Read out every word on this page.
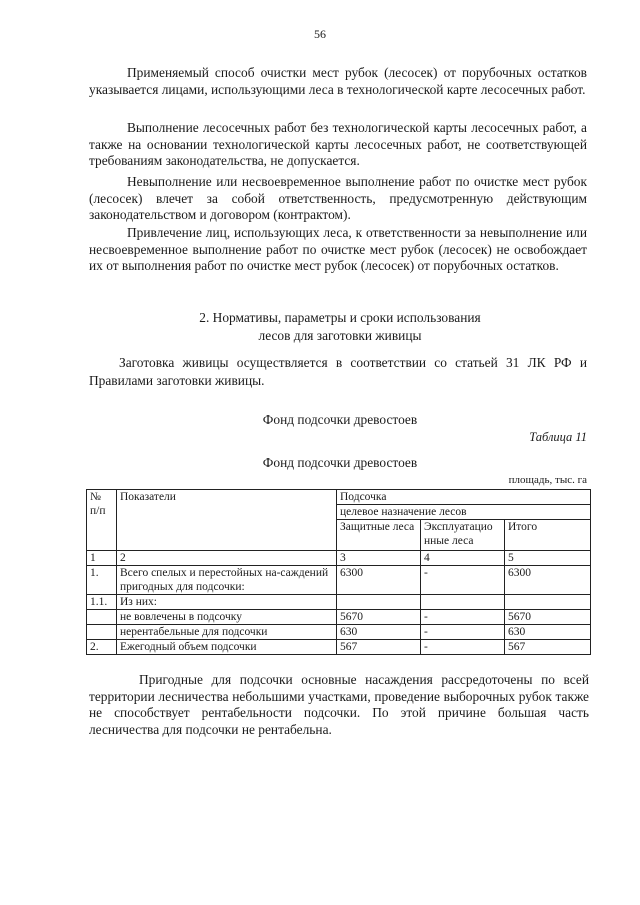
56

Применяемый способ очистки мест рубок (лесосек) от порубочных остатков указывается лицами, использующими леса в технологической карте лесосечных работ.

Выполнение лесосечных работ без технологической карты лесосечных работ, а также на основании технологической карты лесосечных работ, не соответствующей требованиям законодательства, не допускается.

Невыполнение или несвоевременное выполнение работ по очистке мест рубок (лесосек) влечет за собой ответственность, предусмотренную действующим законодательством и договором (контрактом).

Привлечение лиц, использующих леса, к ответственности за невыполнение или несвоевременное выполнение работ по очистке мест рубок (лесосек) не освобождает их от выполнения работ по очистке мест рубок (лесосек) от порубочных остатков.

2. Нормативы, параметры и сроки использования
лесов для заготовки живицы

Заготовка живицы осуществляется в соответствии со статьей 31 ЛК РФ и Правилами заготовки живицы.

Фонд подсочки древостоев
Таблица 11
Фонд подсочки древостоев
площадь, тыс. га
№ п/п	Показатели	Подсочка		
		целевое назначение лесов		
		Защитные леса	Эксплуатацио нные леса	Итого
1	2	3	4	5
1.	Всего спелых и перестойных на-саждений пригодных для подсочки:	6300	-	6300
1.1.	Из них:			
	не вовлечены в подсочку	5670	-	5670
	нерентабельные для подсочки	630	-	630
2.	Ежегодный объем подсочки	567	-	567

Пригодные для подсочки основные насаждения рассредоточены по всей территории лесничества небольшими участками, проведение выборочных рубок также не способствует рентабельности подсочки. По этой причине большая часть лесничества для подсочки не рентабельна.
